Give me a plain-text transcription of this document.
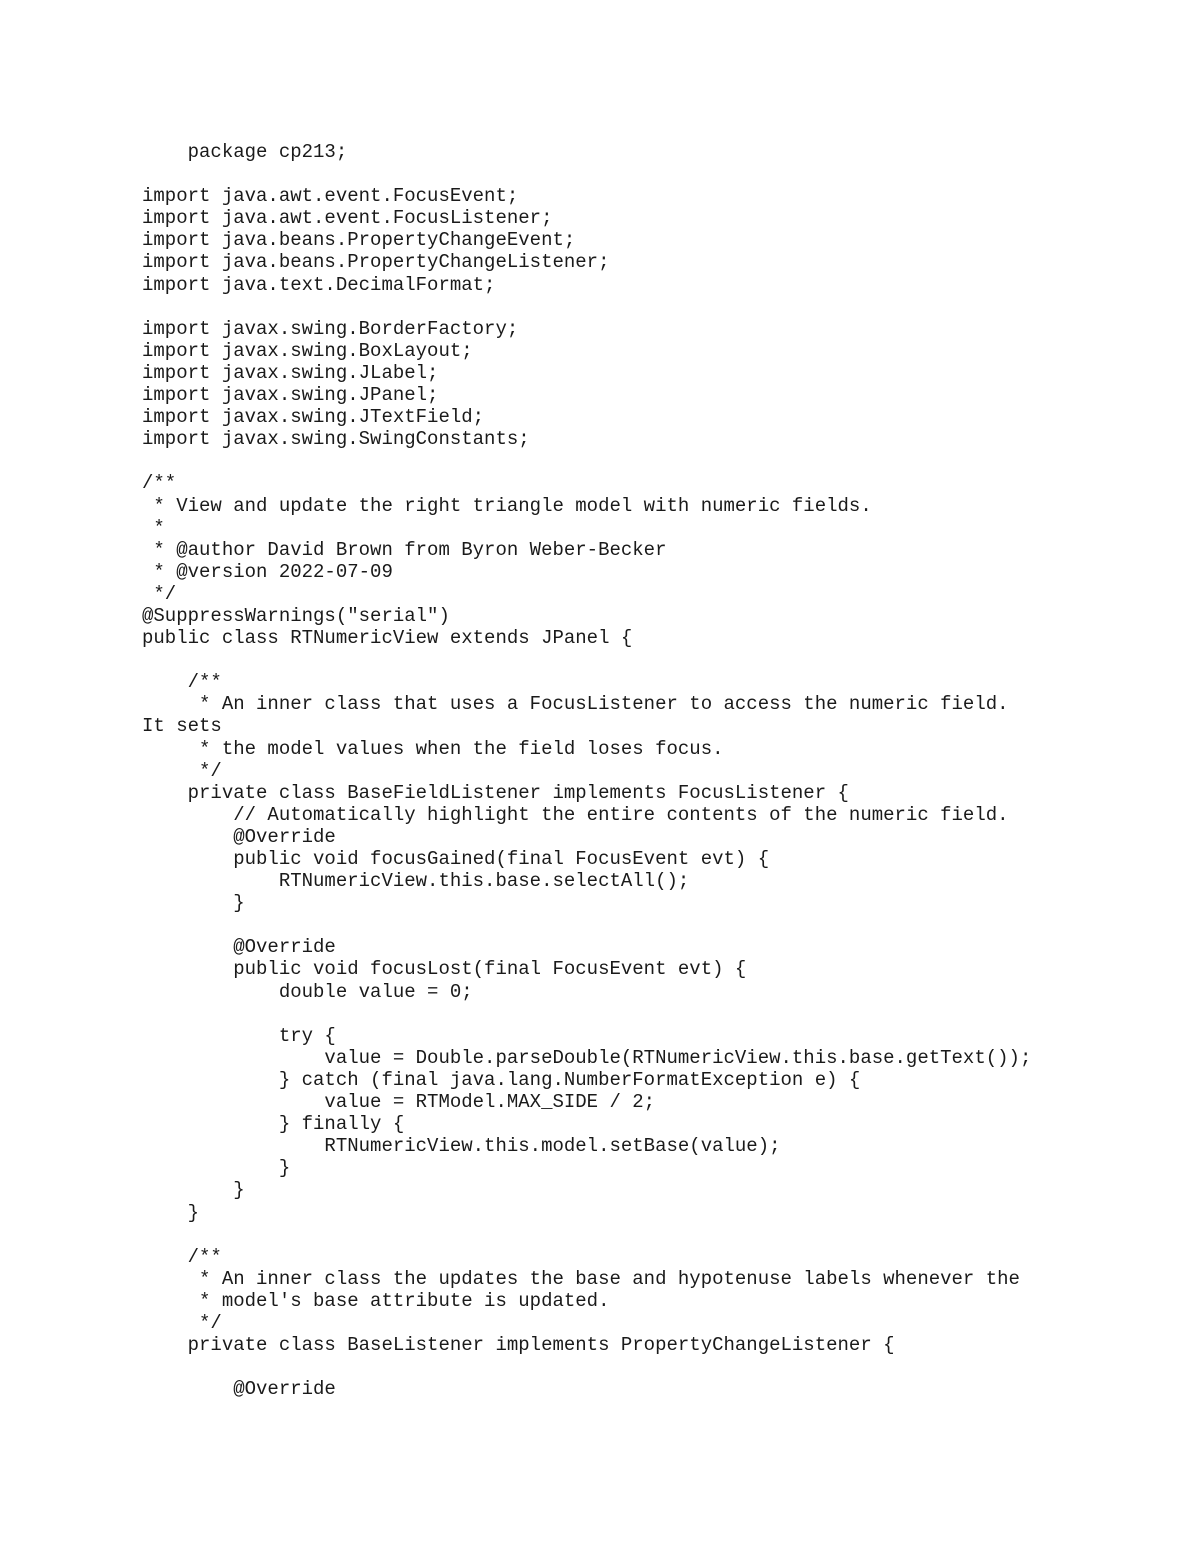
package cp213;
import java.awt.event.FocusEvent;
import java.awt.event.FocusListener;
import java.beans.PropertyChangeEvent;
import java.beans.PropertyChangeListener;
import java.text.DecimalFormat;
import javax.swing.BorderFactory;
import javax.swing.BoxLayout;
import javax.swing.JLabel;
import javax.swing.JPanel;
import javax.swing.JTextField;
import javax.swing.SwingConstants;
/**
* View and update the right triangle model with numeric fields.
*
* @author David Brown from Byron Weber-Becker
* @version 2022-07-09
*/
@SuppressWarnings("serial")
public class RTNumericView extends JPanel {
/**
* An inner class that uses a FocusListener to access the numeric field.
It sets
* the model values when the field loses focus.
*/
private class BaseFieldListener implements FocusListener {
// Automatically highlight the entire contents of the numeric field.
@Override
public void focusGained(final FocusEvent evt) {
RTNumericView.this.base.selectAll();
}
@Override
public void focusLost(final FocusEvent evt) {
double value = 0;
try {
value = Double.parseDouble(RTNumericView.this.base.getText());
} catch (final java.lang.NumberFormatException e) {
value = RTModel.MAX_SIDE / 2;
} finally {
RTNumericView.this.model.setBase(value);
}
}
}
/**
* An inner class the updates the base and hypotenuse labels whenever the
* model's base attribute is updated.
*/
private class BaseListener implements PropertyChangeListener {
@Override
